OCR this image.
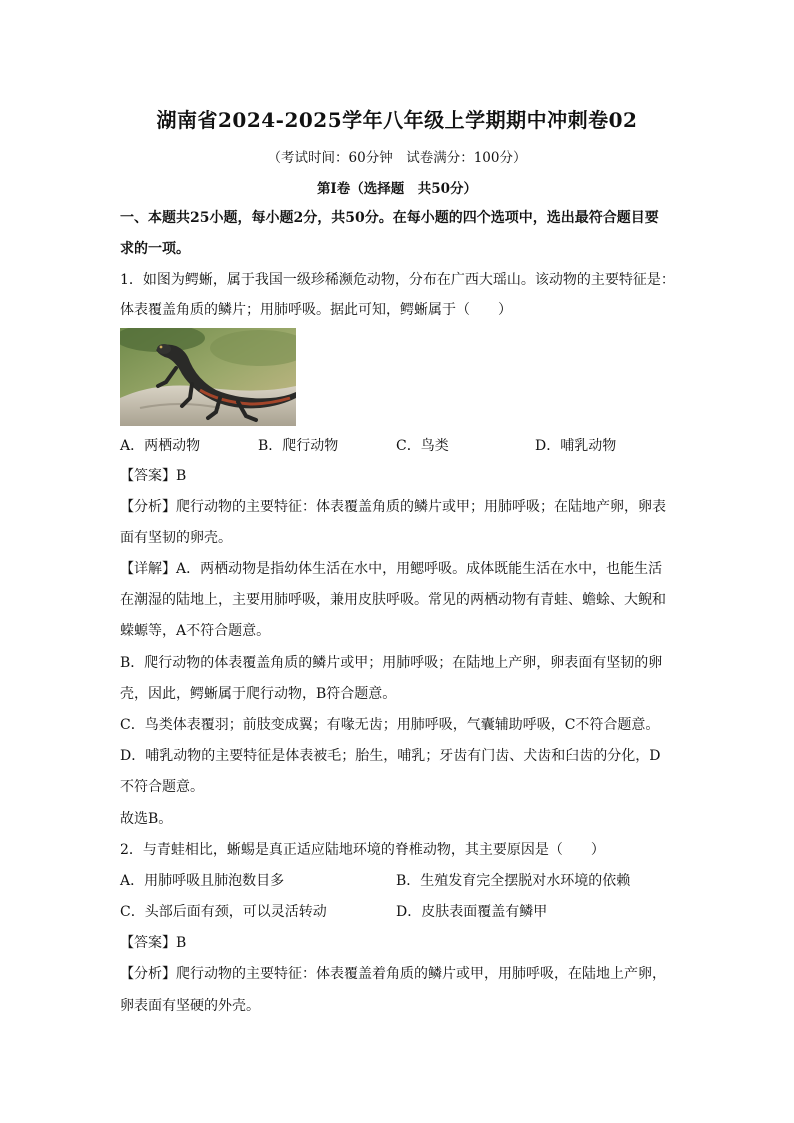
湖南省2024-2025学年八年级上学期期中冲刺卷02
（考试时间：60分钟　试卷满分：100分）
第Ⅰ卷（选择题　共50分）
一、本题共25小题，每小题2分，共50分。在每小题的四个选项中，选出最符合题目要
求的一项。
1．如图为鳄蜥，属于我国一级珍稀濒危动物，分布在广西大瑶山。该动物的主要特征是：
体表覆盖角质的鳞片；用肺呼吸。据此可知，鳄蜥属于（　　）
A．两栖动物	B．爬行动物	C．鸟类	D．哺乳动物
【答案】B
【分析】爬行动物的主要特征：体表覆盖角质的鳞片或甲；用肺呼吸；在陆地产卵，卵表
面有坚韧的卵壳。
【详解】A．两栖动物是指幼体生活在水中，用鳃呼吸。成体既能生活在水中，也能生活
在潮湿的陆地上，主要用肺呼吸，兼用皮肤呼吸。常见的两栖动物有青蛙、蟾蜍、大鲵和
蝾螈等，A不符合题意。
B．爬行动物的体表覆盖角质的鳞片或甲；用肺呼吸；在陆地上产卵，卵表面有坚韧的卵
壳，因此，鳄蜥属于爬行动物，B符合题意。
C．鸟类体表覆羽；前肢变成翼；有喙无齿；用肺呼吸，气囊辅助呼吸，C不符合题意。
D．哺乳动物的主要特征是体表被毛；胎生，哺乳；牙齿有门齿、犬齿和臼齿的分化，D
不符合题意。
故选B。
2．与青蛙相比，蜥蜴是真正适应陆地环境的脊椎动物，其主要原因是（　　）
A．用肺呼吸且肺泡数目多	B．生殖发育完全摆脱对水环境的依赖
C．头部后面有颈，可以灵活转动	D．皮肤表面覆盖有鳞甲
【答案】B
【分析】爬行动物的主要特征：体表覆盖着角质的鳞片或甲，用肺呼吸，在陆地上产卵，
卵表面有坚硬的外壳。
